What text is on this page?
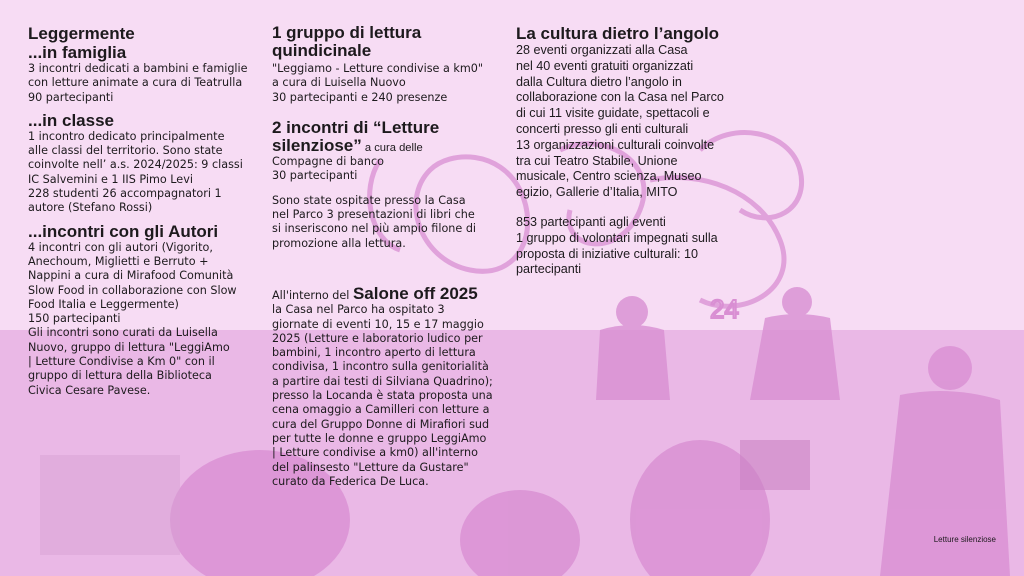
24

Leggermente

...in famiglia

3 incontri dedicati a bambini e famiglie
con letture animate a cura di Teatrulla
90 partecipanti

...in classe

1 incontro dedicato principalmente
alle classi del territorio. Sono state
coinvolte nell’ a.s. 2024/2025: 9 classi
IC Salvemini e 1 IIS Pimo Levi
228 studenti 26 accompagnatori 1
autore (Stefano Rossi)

...incontri con gli Autori

4 incontri con gli autori (Vigorito,
Anechoum, Miglietti e Berruto +
Nappini a cura di Mirafood Comunità
Slow Food in collaborazione con Slow
Food Italia e Leggermente)
150 partecipanti
Gli incontri sono curati da Luisella
Nuovo, gruppo di lettura "LeggiAmo
| Letture Condivise a Km 0" con il
gruppo di lettura della Biblioteca
Civica Cesare Pavese.

1 gruppo di lettura
quindicinale

"Leggiamo - Letture condivise a km0"
a cura di Luisella Nuovo
30 partecipanti e 240 presenze

2 incontri di “Letture
silenziose” a cura delle

Compagne di banco
30 partecipanti

Sono state ospitate presso la Casa
nel Parco 3 presentazioni di libri che
si inseriscono nel più ampio filone di
promozione alla lettura.

All'interno del Salone off 2025

la Casa nel Parco ha ospitato 3
giornate di eventi 10, 15 e 17 maggio
2025 (Letture e laboratorio ludico per
bambini, 1 incontro aperto di lettura
condivisa, 1 incontro sulla genitorialità
a partire dai testi di Silviana Quadrino);
presso la Locanda è stata proposta una
cena omaggio a Camilleri con letture a
cura del Gruppo Donne di Mirafiori sud
per tutte le donne e gruppo LeggiAmo
| Letture condivise a km0) all'interno
del palinsesto "Letture da Gustare"
curato da Federica De Luca.

La cultura dietro l’angolo

28 eventi organizzati alla Casa
nel 40 eventi gratuiti organizzati
dalla Cultura dietro l’angolo in
collaborazione con la Casa nel Parco
di cui 11 visite guidate, spettacoli e
concerti presso gli enti culturali
13 organizzazioni culturali coinvolte
tra cui Teatro Stabile, Unione
musicale, Centro scienza, Museo
egizio, Gallerie d’Italia, MITO

853 partecipanti agli eventi
1 gruppo di volontari impegnati sulla
proposta di iniziative culturali: 10
partecipanti

Letture silenziose
